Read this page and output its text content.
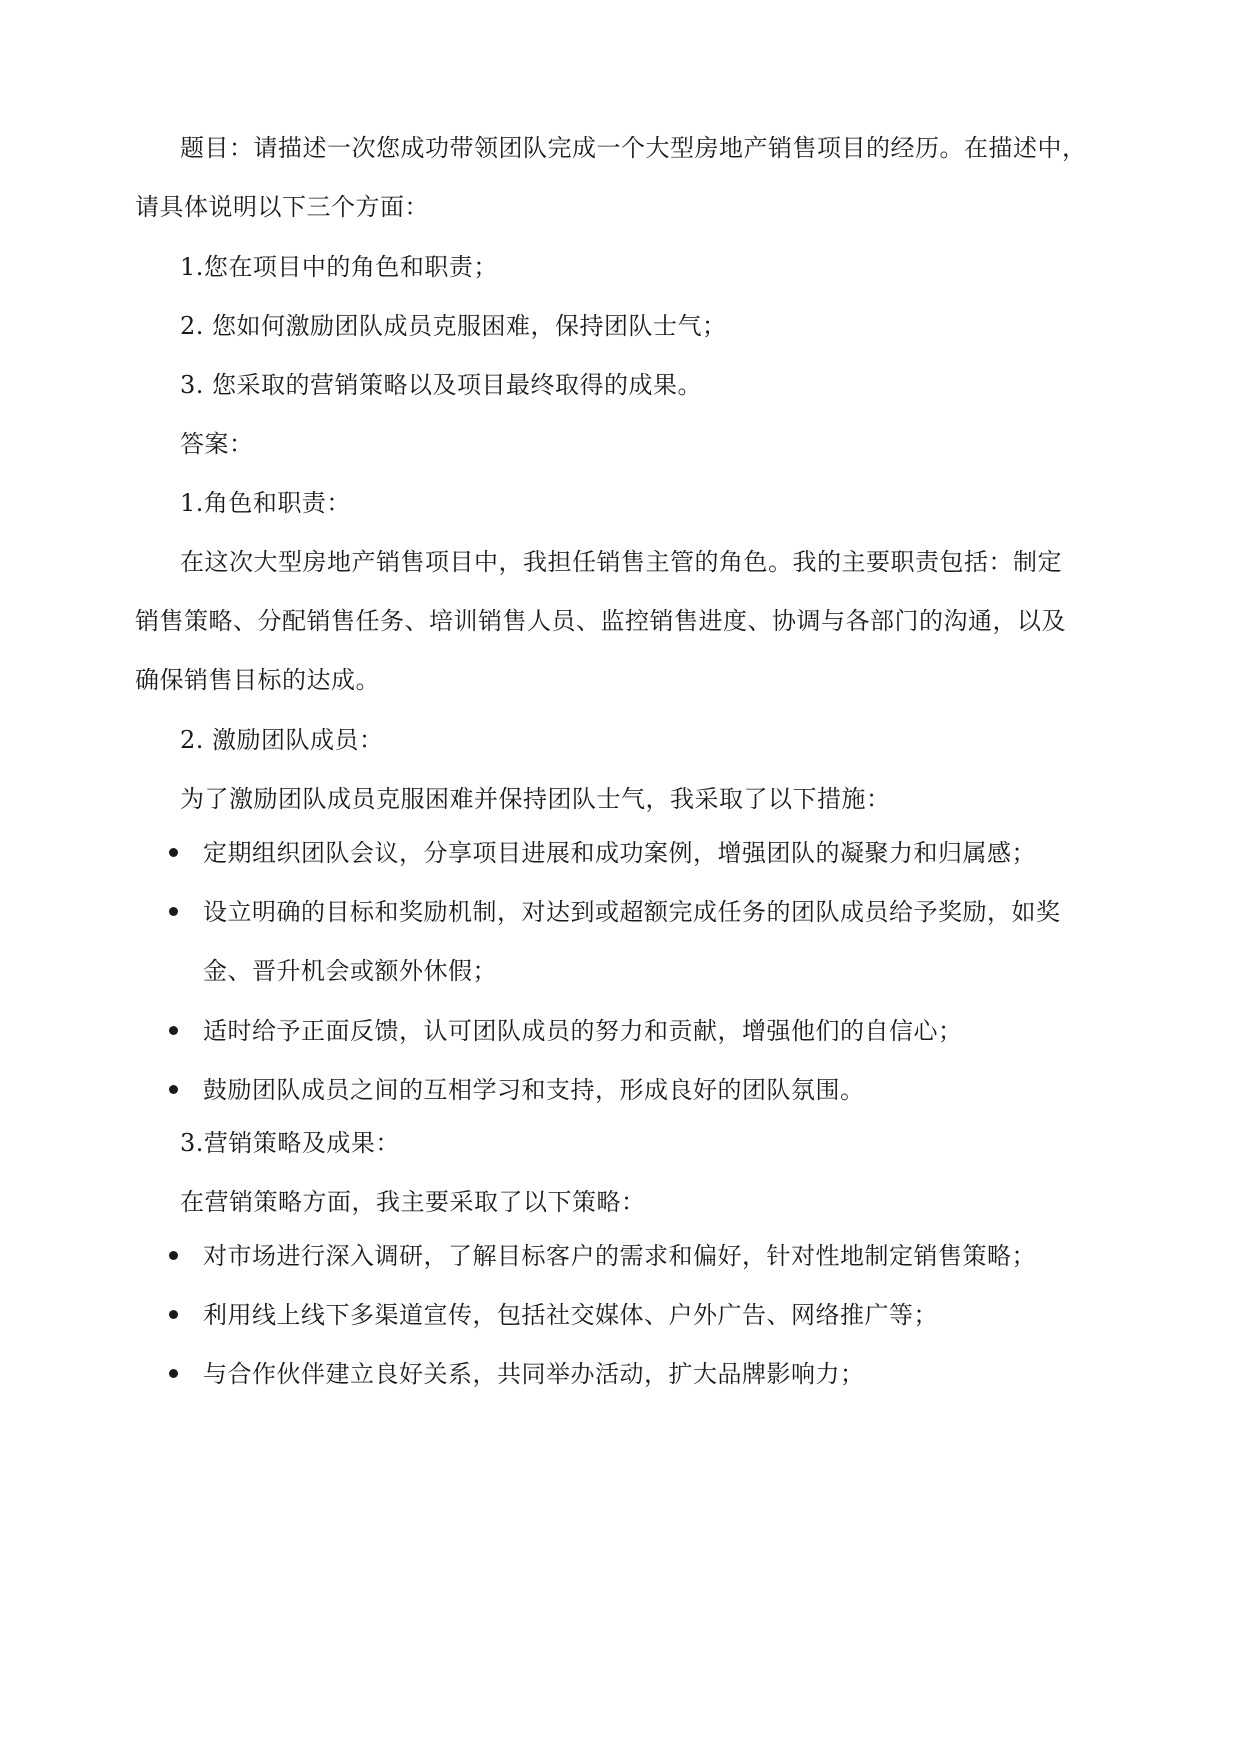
题目：请描述一次您成功带领团队完成一个大型房地产销售项目的经历。在描述中，
请具体说明以下三个方面：
1.您在项目中的角色和职责；
2. 您如何激励团队成员克服困难，保持团队士气；
3. 您采取的营销策略以及项目最终取得的成果。
答案：
1.角色和职责：
在这次大型房地产销售项目中，我担任销售主管的角色。我的主要职责包括：制定
销售策略、分配销售任务、培训销售人员、监控销售进度、协调与各部门的沟通，以及
确保销售目标的达成。
2. 激励团队成员：
为了激励团队成员克服困难并保持团队士气，我采取了以下措施：
定期组织团队会议，分享项目进展和成功案例，增强团队的凝聚力和归属感；
设立明确的目标和奖励机制，对达到或超额完成任务的团队成员给予奖励，如奖
金、晋升机会或额外休假；
适时给予正面反馈，认可团队成员的努力和贡献，增强他们的自信心；
鼓励团队成员之间的互相学习和支持，形成良好的团队氛围。
3.营销策略及成果：
在营销策略方面，我主要采取了以下策略：
对市场进行深入调研，了解目标客户的需求和偏好，针对性地制定销售策略；
利用线上线下多渠道宣传，包括社交媒体、户外广告、网络推广等；
与合作伙伴建立良好关系，共同举办活动，扩大品牌影响力；
